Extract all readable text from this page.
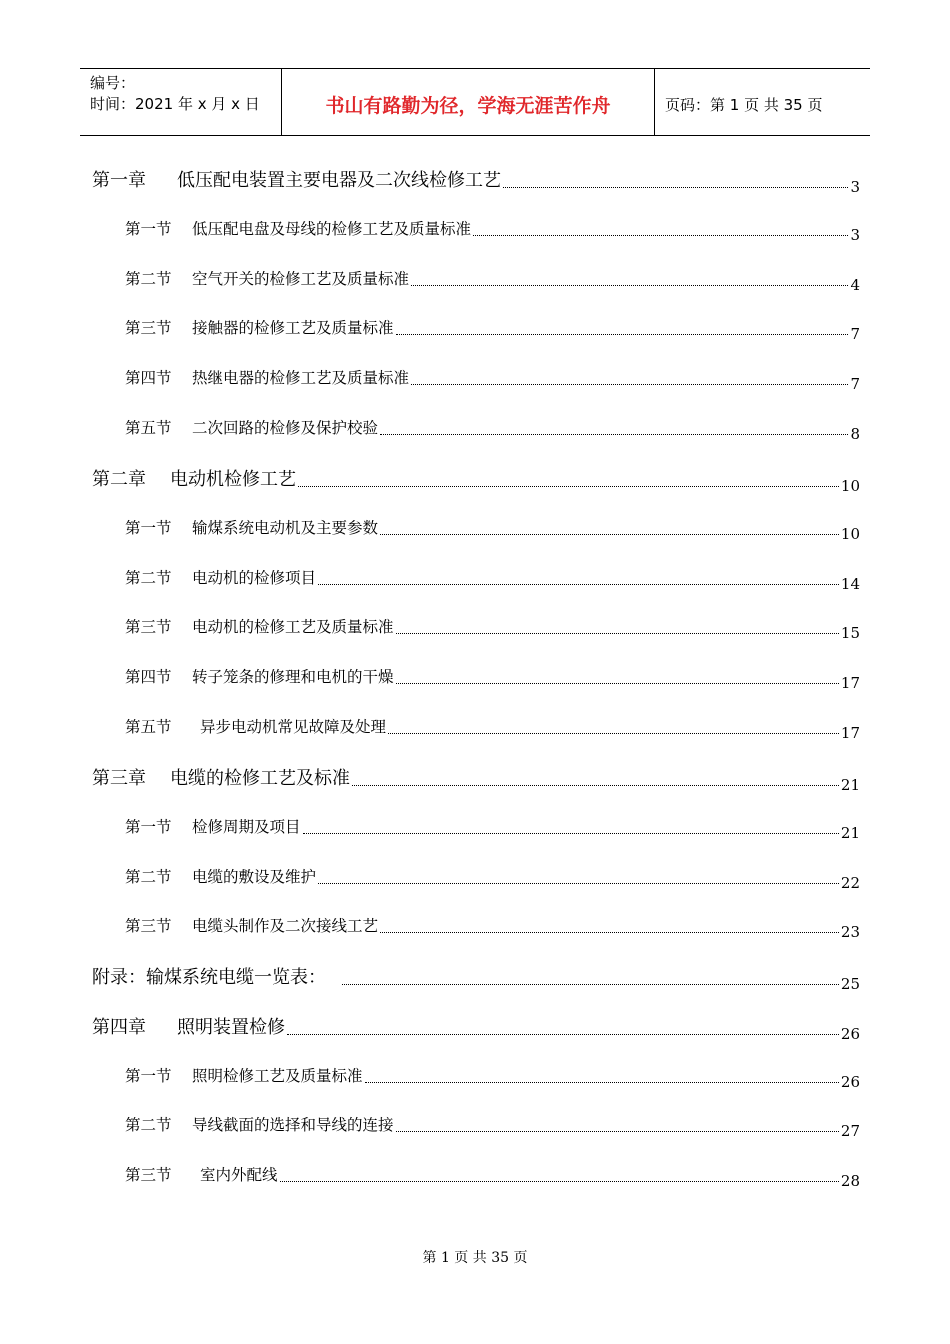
编号：
时间：2021 年 x 月 x 日	书山有路勤为径，学海无涯苦作舟	页码：第 1 页 共 35 页
第一章	低压配电装置主要电器及二次线检修工艺	3
第一节	低压配电盘及母线的检修工艺及质量标准	3
第二节	空气开关的检修工艺及质量标准	4
第三节	接触器的检修工艺及质量标准	7
第四节	热继电器的检修工艺及质量标准	7
第五节	二次回路的检修及保护校验	8
第二章	电动机检修工艺	10
第一节	输煤系统电动机及主要参数	10
第二节	电动机的检修项目	14
第三节	电动机的检修工艺及质量标准	15
第四节	转子笼条的修理和电机的干燥	17
第五节	异步电动机常见故障及处理	17
第三章	电缆的检修工艺及标准	21
第一节	检修周期及项目	21
第二节	电缆的敷设及维护	22
第三节	电缆头制作及二次接线工艺	23
附录：输煤系统电缆一览表：	25
第四章	照明装置检修	26
第一节	照明检修工艺及质量标准	26
第二节	导线截面的选择和导线的连接	27
第三节	室内外配线	28
第 1 页 共 35 页
